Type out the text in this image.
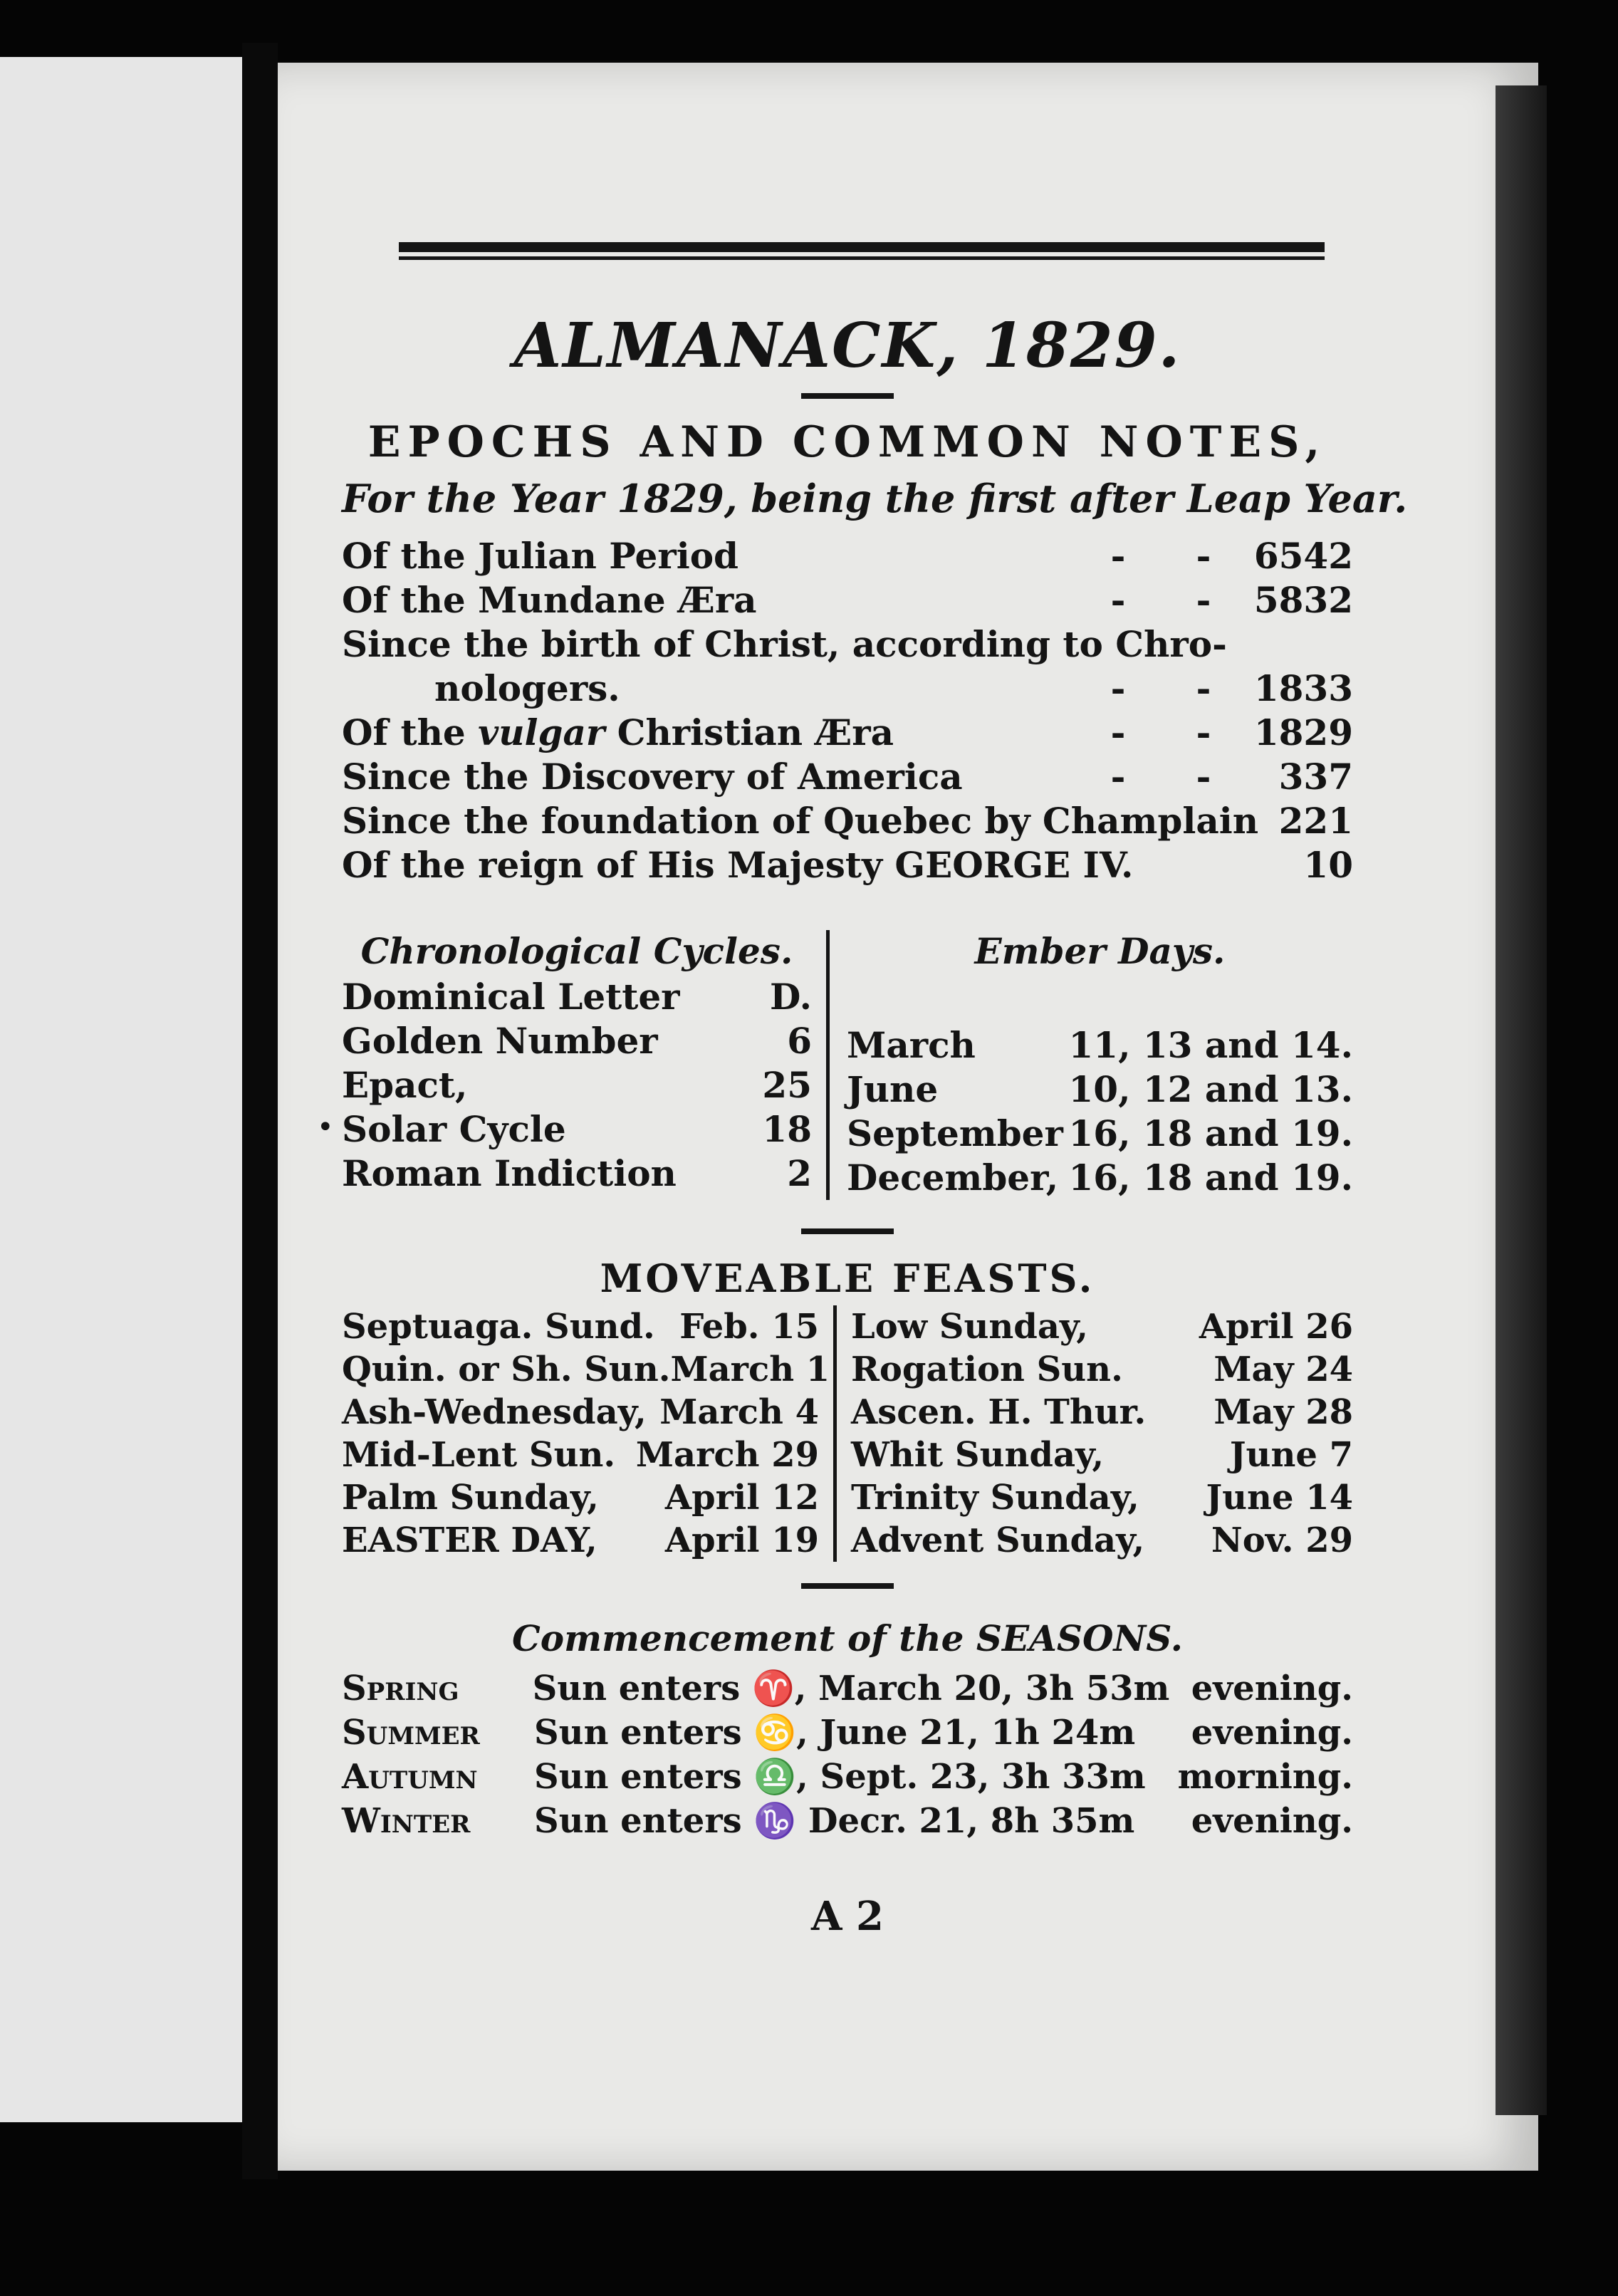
•
ALMANACK, 1829.
EPOCHS AND COMMON NOTES,
For the Year 1829, being the first after Leap Year.
Of the Julian Period	-	-	6542
Of the Mundane Æra	-	-	5832
Since the birth of Christ, according to Chro-
nologers.	-	-	1833
Of the vulgar Christian Æra	-	-	1829
Since the Discovery of America	-	-	337
Since the foundation of Quebec by Champlain 221
Of the reign of His Majesty GEORGE IV.	10
Chronological Cycles.
Dominical Letter	D.
Golden Number	6
Epact,	25
Solar Cycle	18
Roman Indiction	2
Ember Days.
March	11, 13 and 14.
June	10, 12 and 13.
September 16, 18 and 19.
December, 16, 18 and 19.
MOVEABLE FEASTS.
Septuaga. Sund. Feb. 15
Quin. or Sh. Sun. March 1
Ash-Wednesday, March 4
Mid-Lent Sun. March 29
Palm Sunday,	April 12
EASTER DAY,	April 19
Low Sunday,	April 26
Rogation Sun.	May 24
Ascen. H. Thur.	May 28
Whit Sunday,	June 7
Trinity Sunday,	June 14
Advent Sunday,	Nov. 29
Commencement of the SEASONS.
Spring	Sun enters ♈, March 20, 3h 53m evening.
Summer	Sun enters ♋, June 21, 1h 24m	evening.
Autumn	Sun enters ♎, Sept. 23, 3h 33m morning.
Winter	Sun enters ♑ Decr. 21, 8h 35m	evening.
A 2
